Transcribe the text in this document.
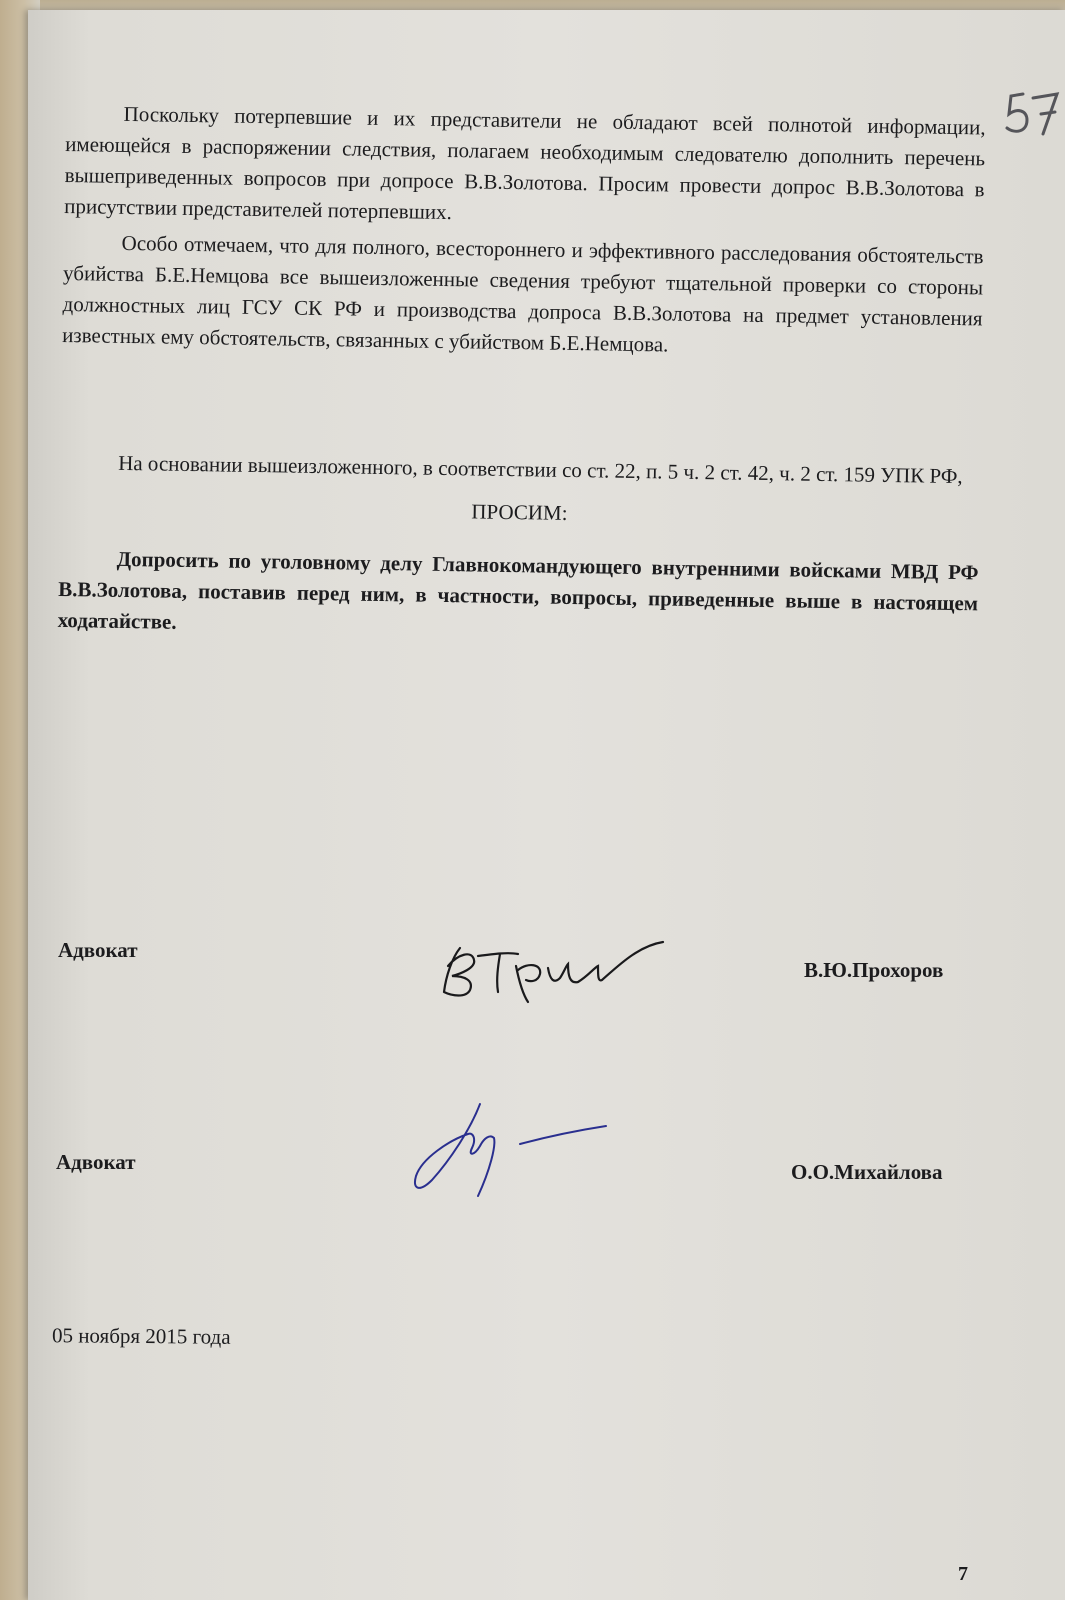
Поскольку потерпевшие и их представители не обладают всей полнотой информации, имеющейся в распоряжении следствия, полагаем необходимым следователю дополнить перечень вышеприведенных вопросов при допросе В.В.Золотова. Просим провести допрос В.В.Золотова в присутствии представителей потерпевших.

Особо отмечаем, что для полного, всестороннего и эффективного расследования обстоятельств убийства Б.Е.Немцова все вышеизложенные сведения требуют тщательной проверки со стороны должностных лиц ГСУ СК РФ и производства допроса В.В.Золотова на предмет установления известных ему обстоятельств, связанных с убийством Б.Е.Немцова.

На основании вышеизложенного, в соответствии со ст. 22, п. 5 ч. 2 ст. 42, ч. 2 ст. 159 УПК РФ,

ПРОСИМ:

Допросить по уголовному делу Главнокомандующего внутренними войсками МВД РФ В.В.Золотова, поставив перед ним, в частности, вопросы, приведенные выше в настоящем ходатайстве.

Адвокат
В.Ю.Прохоров
Адвокат	О.О.Михайлова
05 ноября 2015 года
7
